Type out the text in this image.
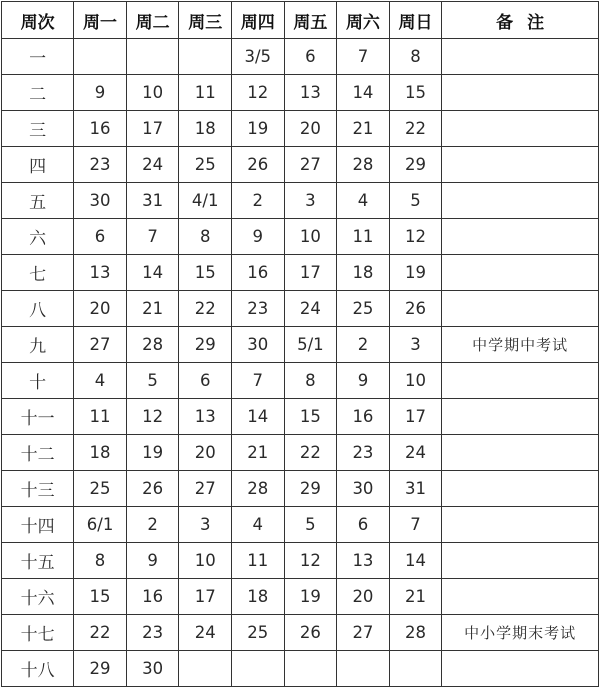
周次	周一	周二	周三	周四	周五	周六	周日	备注
一				3/5	6	7	8	
二	9	10	11	12	13	14	15	
三	16	17	18	19	20	21	22	
四	23	24	25	26	27	28	29	
五	30	31	4/1	2	3	4	5	
六	6	7	8	9	10	11	12	
七	13	14	15	16	17	18	19	
八	20	21	22	23	24	25	26	
九	27	28	29	30	5/1	2	3	中学期中考试
十	4	5	6	7	8	9	10	
十一	11	12	13	14	15	16	17	
十二	18	19	20	21	22	23	24	
十三	25	26	27	28	29	30	31	
十四	6/1	2	3	4	5	6	7	
十五	8	9	10	11	12	13	14	
十六	15	16	17	18	19	20	21	
十七	22	23	24	25	26	27	28	中小学期末考试
十八	29	30						
